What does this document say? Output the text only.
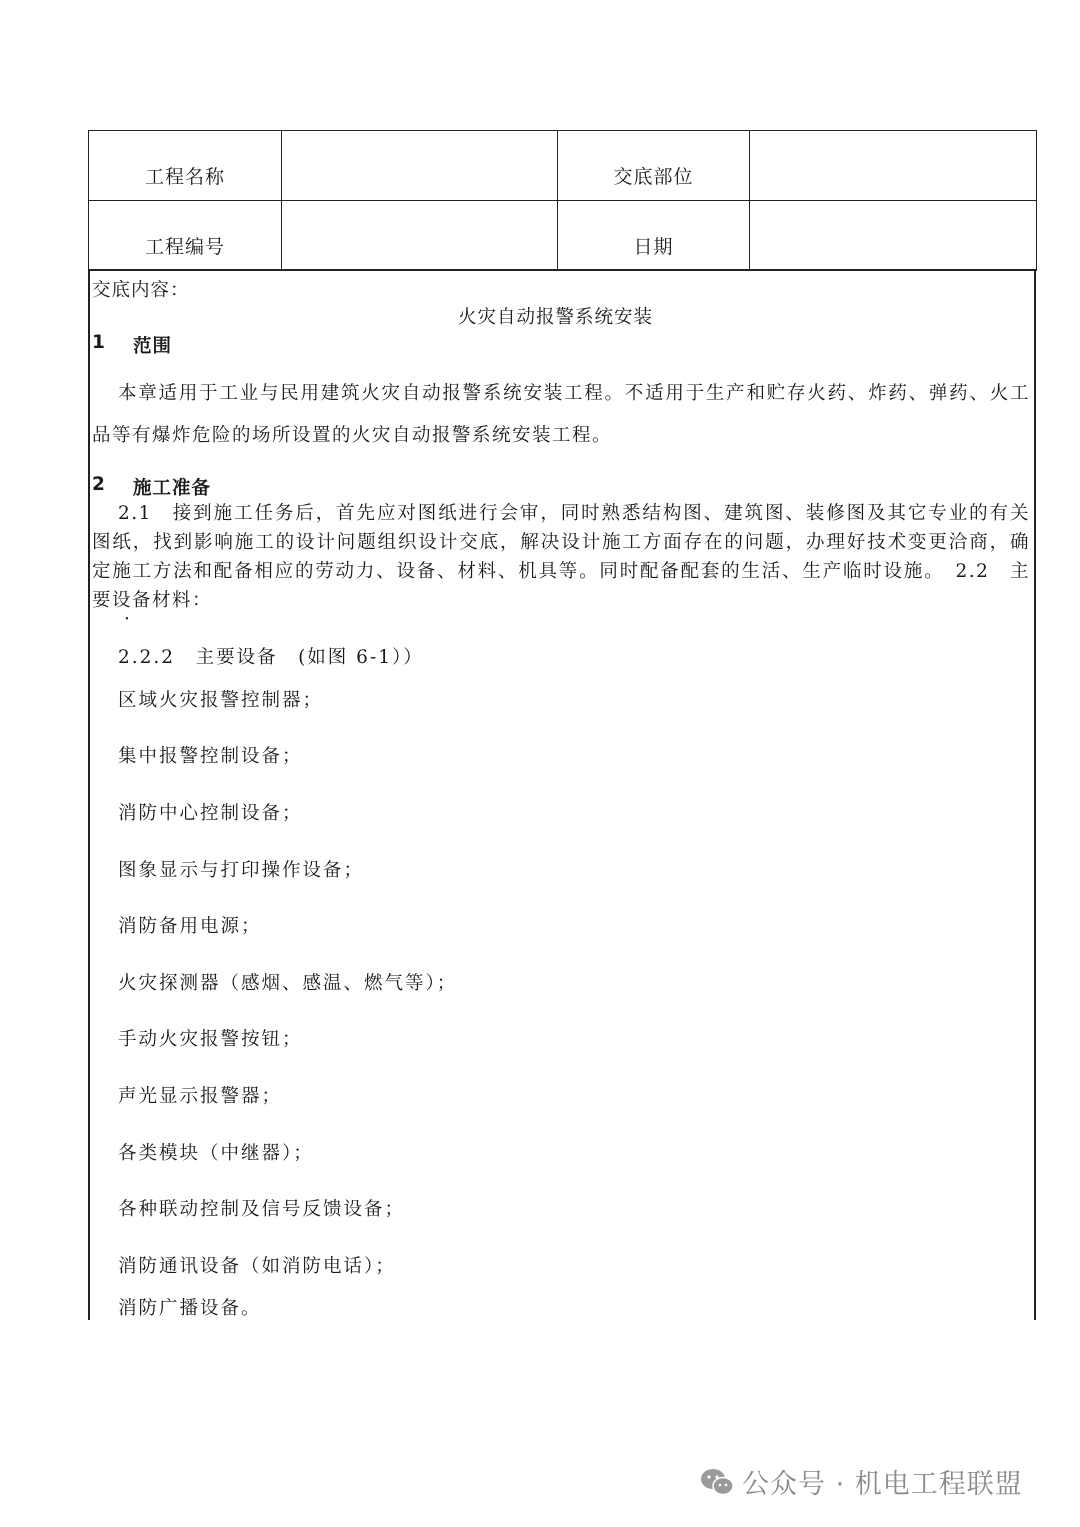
工程名称		交底部位	
工程编号		日期	
交底内容：
火灾自动报警系统安装
1 范围
本章适用于工业与民用建筑火灾自动报警系统安装工程。不适用于生产和贮存火药、炸药、弹药、火工品等有爆炸危险的场所设置的火灾自动报警系统安装工程。
2 施工准备
2.1　接到施工任务后，首先应对图纸进行会审，同时熟悉结构图、建筑图、装修图及其它专业的有关图纸，找到影响施工的设计问题组织设计交底，解决设计施工方面存在的问题，办理好技术变更洽商，确定施工方法和配备相应的劳动力、设备、材料、机具等。同时配备配套的生活、生产临时设施。　2.2　主要设备材料：
·
2.2.2　主要设备　(如图 6-1））
区域火灾报警控制器；
集中报警控制设备；
消防中心控制设备；
图象显示与打印操作设备；
消防备用电源；
火灾探测器（感烟、感温、燃气等）；
手动火灾报警按钮；
声光显示报警器；
各类模块（中继器）；
各种联动控制及信号反馈设备；
消防通讯设备（如消防电话）；
消防广播设备。
公众号 · 机电工程联盟
